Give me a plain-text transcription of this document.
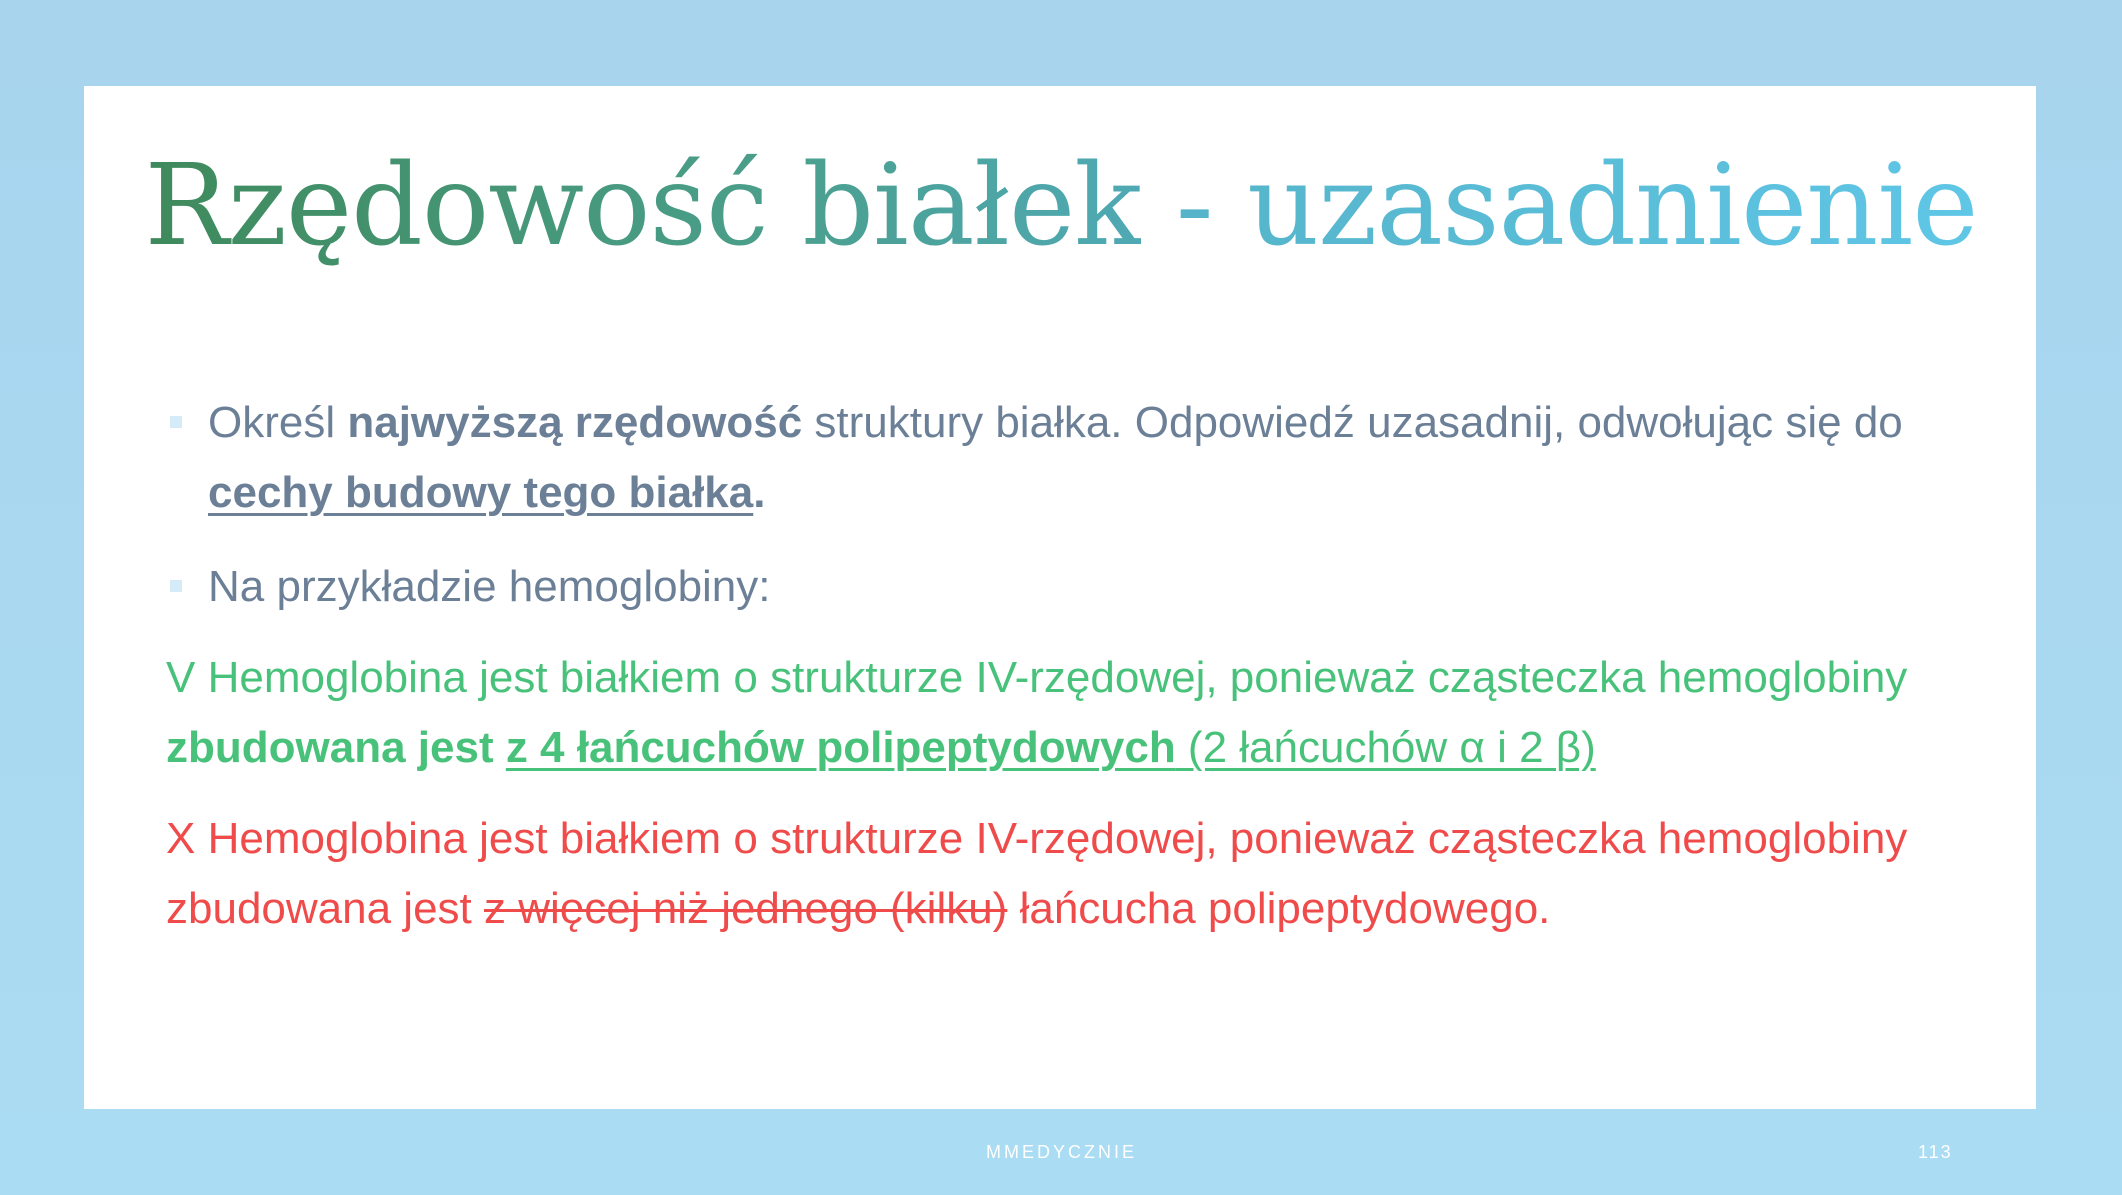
Rzędowość białek - uzasadnienie
Określ najwyższą rzędowość struktury białka. Odpowiedź uzasadnij, odwołując się do cechy budowy tego białka.
Na przykładzie hemoglobiny:

V Hemoglobina jest białkiem o strukturze IV-rzędowej, ponieważ cząsteczka hemoglobiny zbudowana jest z 4 łańcuchów polipeptydowych (2 łańcuchów α i 2 β)

X Hemoglobina jest białkiem o strukturze IV-rzędowej, ponieważ cząsteczka hemoglobiny zbudowana jest z więcej niż jednego (kilku) łańcucha polipeptydowego.

MMEDYCZNIE	113
